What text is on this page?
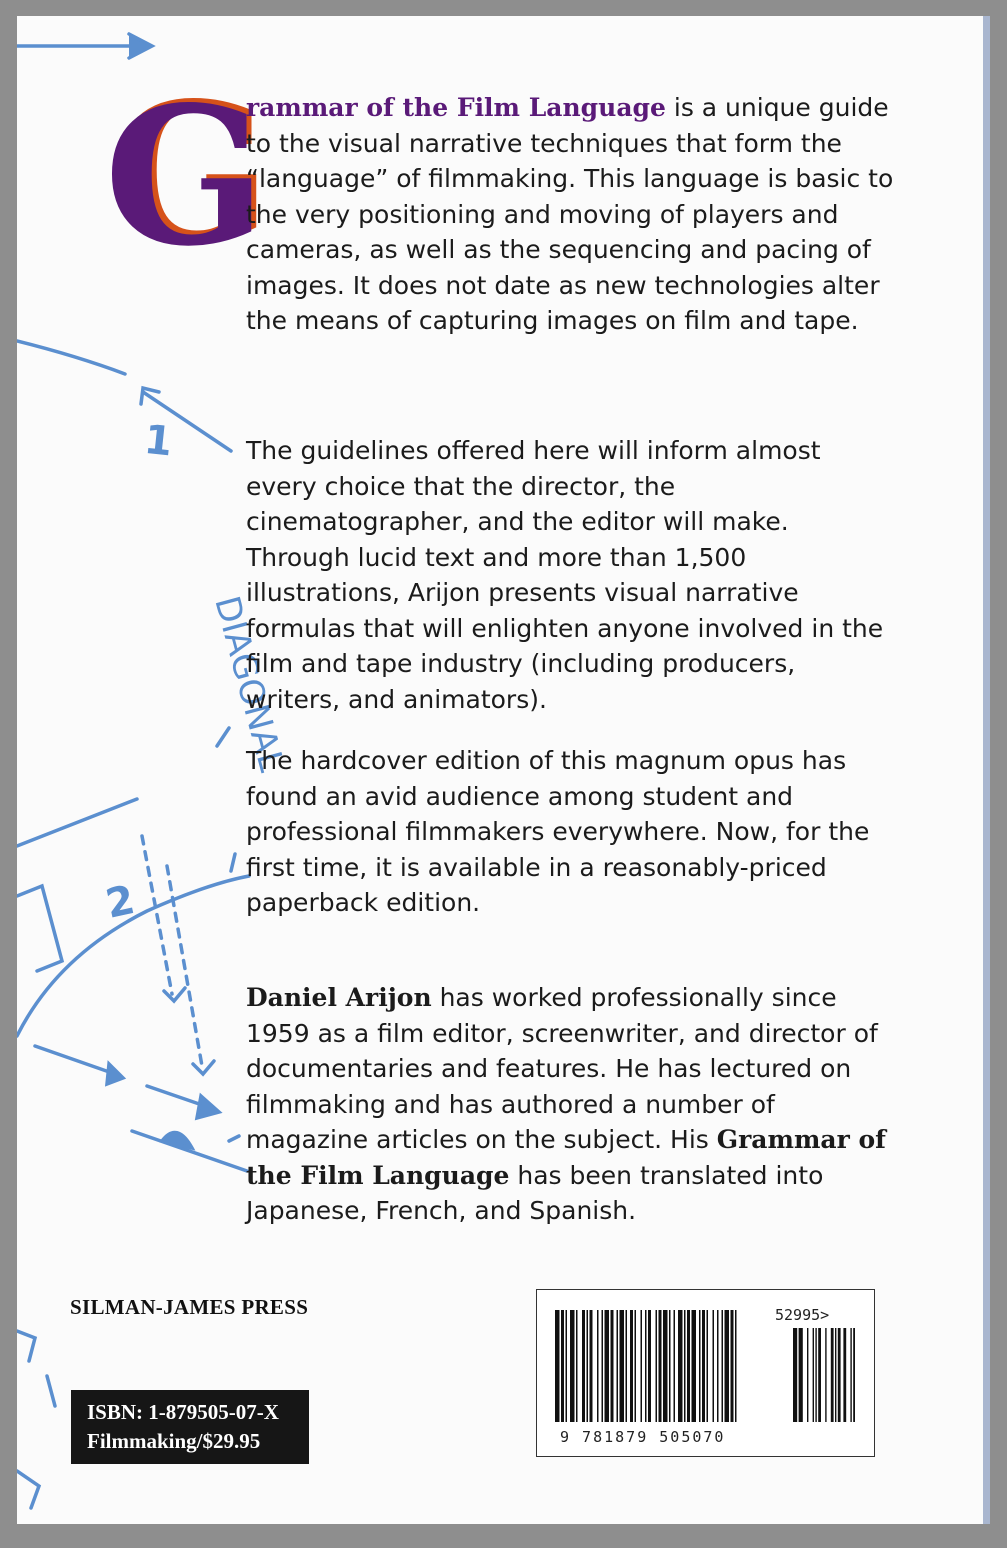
1
2
DIAGONAL
G

rammar of the Film Language is a unique guide to the visual narrative techniques that form the “language” of filmmaking. This language is basic to the very positioning and moving of players and cameras, as well as the sequencing and pacing of images. It does not date as new technologies alter the means of capturing images on film and tape.

The guidelines offered here will inform almost every choice that the director, the cinematographer, and the editor will make. Through lucid text and more than 1,500 illustrations, Arijon presents visual narrative formulas that will enlighten anyone involved in the film and tape industry (including producers, writers, and animators).

The hardcover edition of this magnum opus has found an avid audience among student and professional filmmakers everywhere. Now, for the first time, it is available in a reasonably-priced paperback edition.

Daniel Arijon has worked professionally since 1959 as a film editor, screenwriter, and director of documentaries and features. He has lectured on filmmaking and has authored a number of magazine articles on the subject. His Grammar of the Film Language has been translated into Japanese, French, and Spanish.

SILMAN-JAMES PRESS
ISBN: 1-879505-07-X
Filmmaking/$29.95
52995>
9 781879 505070
